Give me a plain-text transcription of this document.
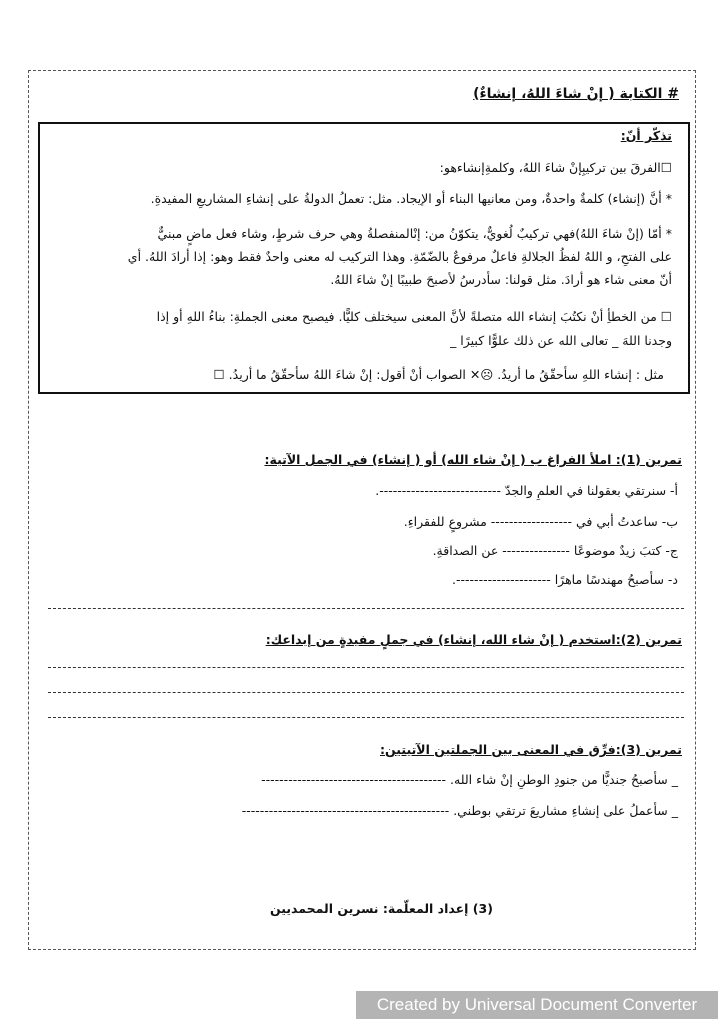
# الكتابة ( إنْ شاءَ اللهُ، إنشاءٌ)
تذكّر أنّ:
☐الفرقَ بين تركيبِإنْ شاءَ اللهُ، وكلمةِإنشاءهو:
* أنَّ (إنشاء) كلمةٌ واحدةٌ، ومن معانيها البناء أو الإيجاد. مثل: تعملُ الدولةُ على إنشاءِ المشاريعِ المفيدةِ.
* أمّا (إنْ شاءَ اللهُ)فهي تركيبٌ لُغويٌّ، يتكوّنُ من: إنْالمنفصلةُ وهي حرف شرطٍ، وشاء فعل ماضٍ مبنيٌّ
على الفتحِ، و اللهُ لفظُ الجلالةِ فاعلٌ مرفوعٌ بالضّمّةِ. وهذا التركيب له معنى واحدٌ فقط وهو: إذا أرادَ اللهُ. أي
أنّ معنى شاء هو أرادَ. مثل قولنا: سأدرسُ لأصبحَ طبيبًا إنْ شاءَ اللهُ.
☐ من الخطأِ أنْ نكتُبَ إنشاء الله متصلةً لأنَّ المعنى سيختلف كليًّا. فيصبح معنى الجملةِ: بناءُ اللهِ أو إذا
وجدنا اللهَ _ تعالى الله عن ذلك علوًّا كبيرًا _
مثل : إنشاء اللهِ سأحقّقُ ما أريدُ. ☹✕ الصواب أنْ أقول: إنْ شاءَ اللهُ سأحقّقُ ما أريدُ. ☐
تمرين (1): املأ الفراغ ب ( إنْ شاء الله) أو ( إنشاء) في الجمل الآتية:
أ- سنرتقي بعقولنا في العلمِ والجدّ ---------------------------.
ب- ساعدتُ أبي في ------------------ مشروعٍ للفقراءِ.
ج- كتبَ زيدٌ موضوعًا --------------- عن الصداقةِ.
د- سأصبحُ مهندسًا ماهرًا ---------------------.
تمرين (2):استخدم ( إنْ شاء الله، إنشاء) في جملٍ مفيدةٍ من إبداعك:
تمرين (3):فرِّق في المعنى بين الجملتين الآتيتين:
_ سأصبحُ جنديًّا من جنودِ الوطنِ إنْ شاء الله. -----------------------------------------
_ سأعملُ على إنشاءِ مشاريعَ ترتقي بوطني. ----------------------------------------------
(3) إعداد المعلّمة: نسرين المحمديين
Created by Universal Document Converter
